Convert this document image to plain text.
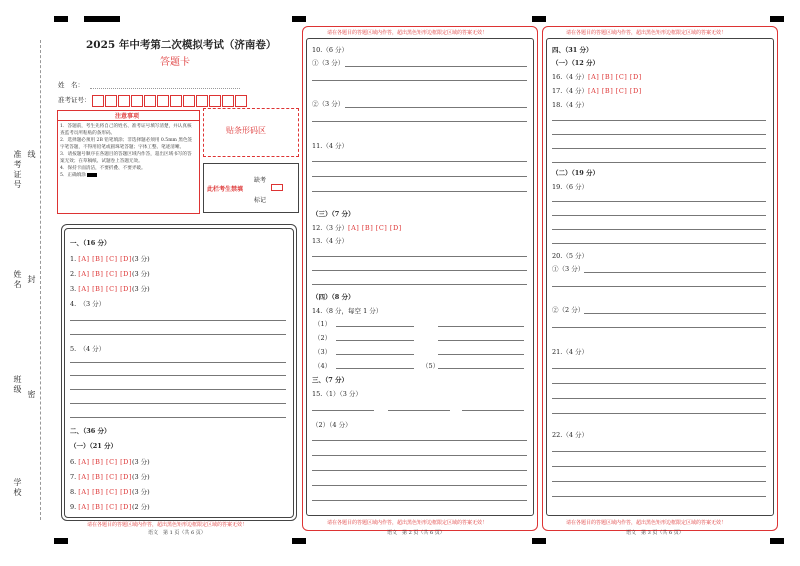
准考证号 线
姓名 封
班级 密
学校
2025 年中考第二次模拟考试（济南卷）
答题卡
姓　名：
准考证号：
注意事项
1．答题前，考生先将自己的姓名、准考证号填写清楚，并认真核查监考员所粘贴的条形码。
2．选择题必须用 2B 铅笔填涂；非选择题必须用 0.5mm 黑色签字笔答题，不得用铅笔或圆珠笔答题；字体工整、笔迹清晰。
3．请按题号顺序在各题目的答题区域内作答，超出区域书写的答案无效；在草稿纸、试题卷上答题无效。
4．保持卡面清洁，不要折叠、不要弄破。
5．正确填涂
贴条形码区
此栏考生禁填
缺考
标记
一、（16 分）
1. [A] [B] [C] [D](3 分)
2. [A] [B] [C] [D](3 分)
3. [A] [B] [C] [D](3 分)
4.　（3 分）
5.　（4 分）
二、（36 分）
（一）（21 分）
6. [A] [B] [C] [D](3 分)
7. [A] [B] [C] [D](3 分)
8. [A] [B] [C] [D](3 分)
9. [A] [B] [C] [D](2 分)
请在各题目的答题区域内作答，超出黑色矩形边框限定区域的答案无效！
语文　第 1 页（共 6 页）
请在各题目的答题区域内作答，超出黑色矩形边框限定区域的答案无效！
10.（6 分）
①（3 分）
②（3 分）
11.（4 分）
（三）（7 分）
12.（3 分）[A] [B] [C] [D]
13.（4 分）
（四）（8 分）
14.（8 分，每空 1 分）
（1）
（2）
（3）
（4）	（5）
三、（7 分）
15.（1）（3 分）
（2）（4 分）
请在各题目的答题区域内作答，超出黑色矩形边框限定区域的答案无效！
语文　第 2 页（共 6 页）
请在各题目的答题区域内作答，超出黑色矩形边框限定区域的答案无效！
四、（31 分）
（一）（12 分）
16.（4 分）[A] [B] [C] [D]
17.（4 分）[A] [B] [C] [D]
18.（4 分）
（二）（19 分）
19.（6 分）
20.（5 分）
①（3 分）
②（2 分）
21.（4 分）
22.（4 分）
请在各题目的答题区域内作答，超出黑色矩形边框限定区域的答案无效！
语文　第 3 页（共 6 页）
